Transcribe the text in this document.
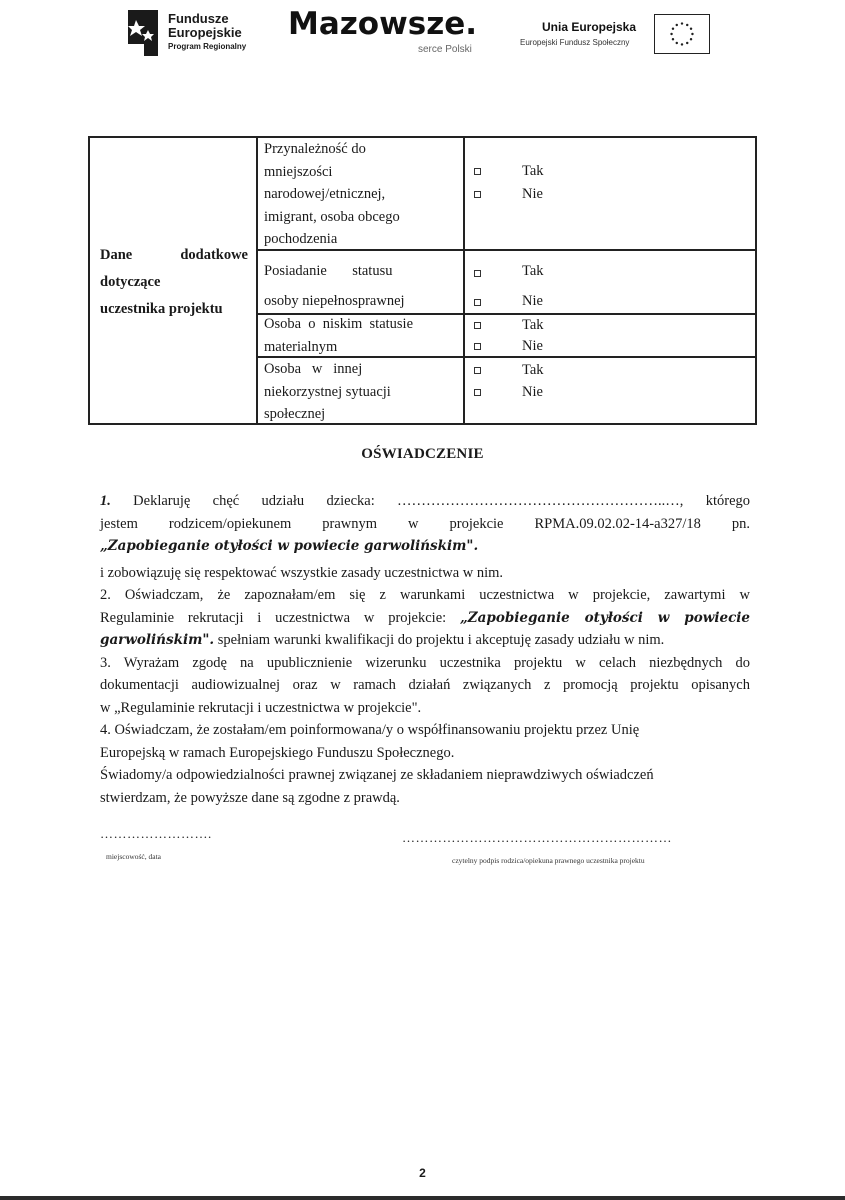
Fundusze
Europejskie
Program Regionalny
Mazowsze.
serce Polski
Unia Europejska
Europejski Fundusz Społeczny
Dane	dodatkowe
dotyczące
uczestnika projektu
Przynależność do
mniejszości
narodowej/etnicznej,
imigrant, osoba obcego
pochodzenia
Tak
Nie
Posiadanie       statusu
osoby niepełnosprawnej
Tak
Nie
Osoba  o  niskim  statusie
materialnym
Tak
Nie
Osoba   w   innej
niekorzystnej sytuacji
społecznej
Tak
Nie
OŚWIADCZENIE
1. Deklaruję chęć udziału dziecka: ………………………………………………..…, którego
jestem rodzicem/opiekunem prawnym w projekcie RPMA.09.02.02-14-a327/18 pn.
„Zapobieganie otyłości w powiecie garwolińskim".
i zobowiązuję się respektować wszystkie zasady uczestnictwa w nim.
2. Oświadczam, że zapoznałam/em się z warunkami uczestnictwa w projekcie, zawartymi w
Regulaminie rekrutacji i uczestnictwa w projekcie: „Zapobieganie otyłości w powiecie
garwolińskim". spełniam warunki kwalifikacji do projektu i akceptuję zasady udziału w nim.
3. Wyrażam zgodę na upublicznienie wizerunku uczestnika projektu w celach niezbędnych do
dokumentacji audiowizualnej oraz w ramach działań związanych z promocją projektu opisanych
w „Regulaminie rekrutacji i uczestnictwa w projekcie".
4. Oświadczam, że zostałam/em poinformowana/y o współfinansowaniu projektu przez Unię
Europejską w ramach Europejskiego Funduszu Społecznego.
Świadomy/a odpowiedzialności prawnej związanej ze składaniem nieprawdziwych oświadczeń
stwierdzam, że powyższe dane są zgodne z prawdą.
…………………….
miejscowość, data
……………………………………………………
czytelny podpis rodzica/opiekuna prawnego uczestnika projektu
2
